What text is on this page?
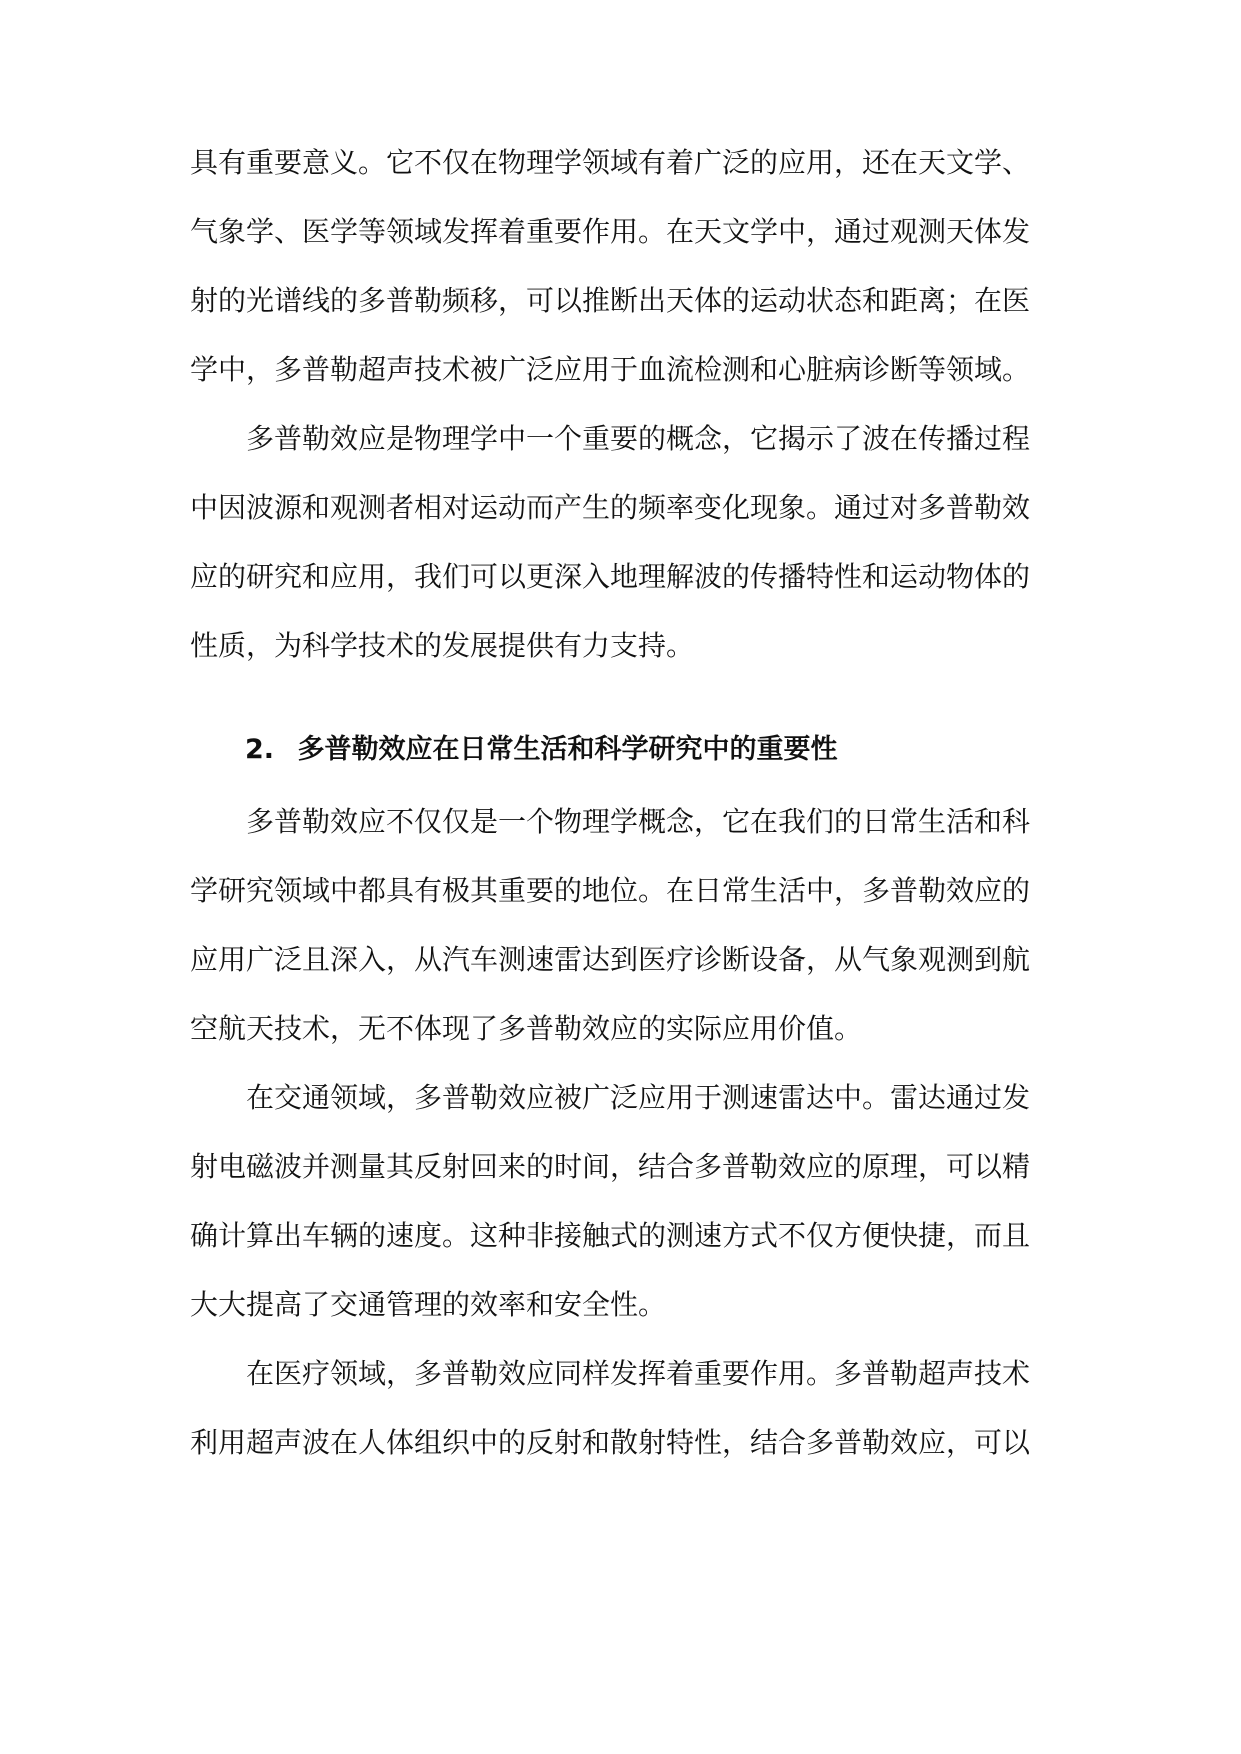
具有重要意义。它不仅在物理学领域有着广泛的应用，还在天文学、
气象学、医学等领域发挥着重要作用。在天文学中，通过观测天体发
射的光谱线的多普勒频移，可以推断出天体的运动状态和距离；在医
学中，多普勒超声技术被广泛应用于血流检测和心脏病诊断等领域。
多普勒效应是物理学中一个重要的概念，它揭示了波在传播过程
中因波源和观测者相对运动而产生的频率变化现象。通过对多普勒效
应的研究和应用，我们可以更深入地理解波的传播特性和运动物体的
性质，为科学技术的发展提供有力支持。
2. 多普勒效应在日常生活和科学研究中的重要性
多普勒效应不仅仅是一个物理学概念，它在我们的日常生活和科
学研究领域中都具有极其重要的地位。在日常生活中，多普勒效应的
应用广泛且深入，从汽车测速雷达到医疗诊断设备，从气象观测到航
空航天技术，无不体现了多普勒效应的实际应用价值。
在交通领域，多普勒效应被广泛应用于测速雷达中。雷达通过发
射电磁波并测量其反射回来的时间，结合多普勒效应的原理，可以精
确计算出车辆的速度。这种非接触式的测速方式不仅方便快捷，而且
大大提高了交通管理的效率和安全性。
在医疗领域，多普勒效应同样发挥着重要作用。多普勒超声技术
利用超声波在人体组织中的反射和散射特性，结合多普勒效应，可以
